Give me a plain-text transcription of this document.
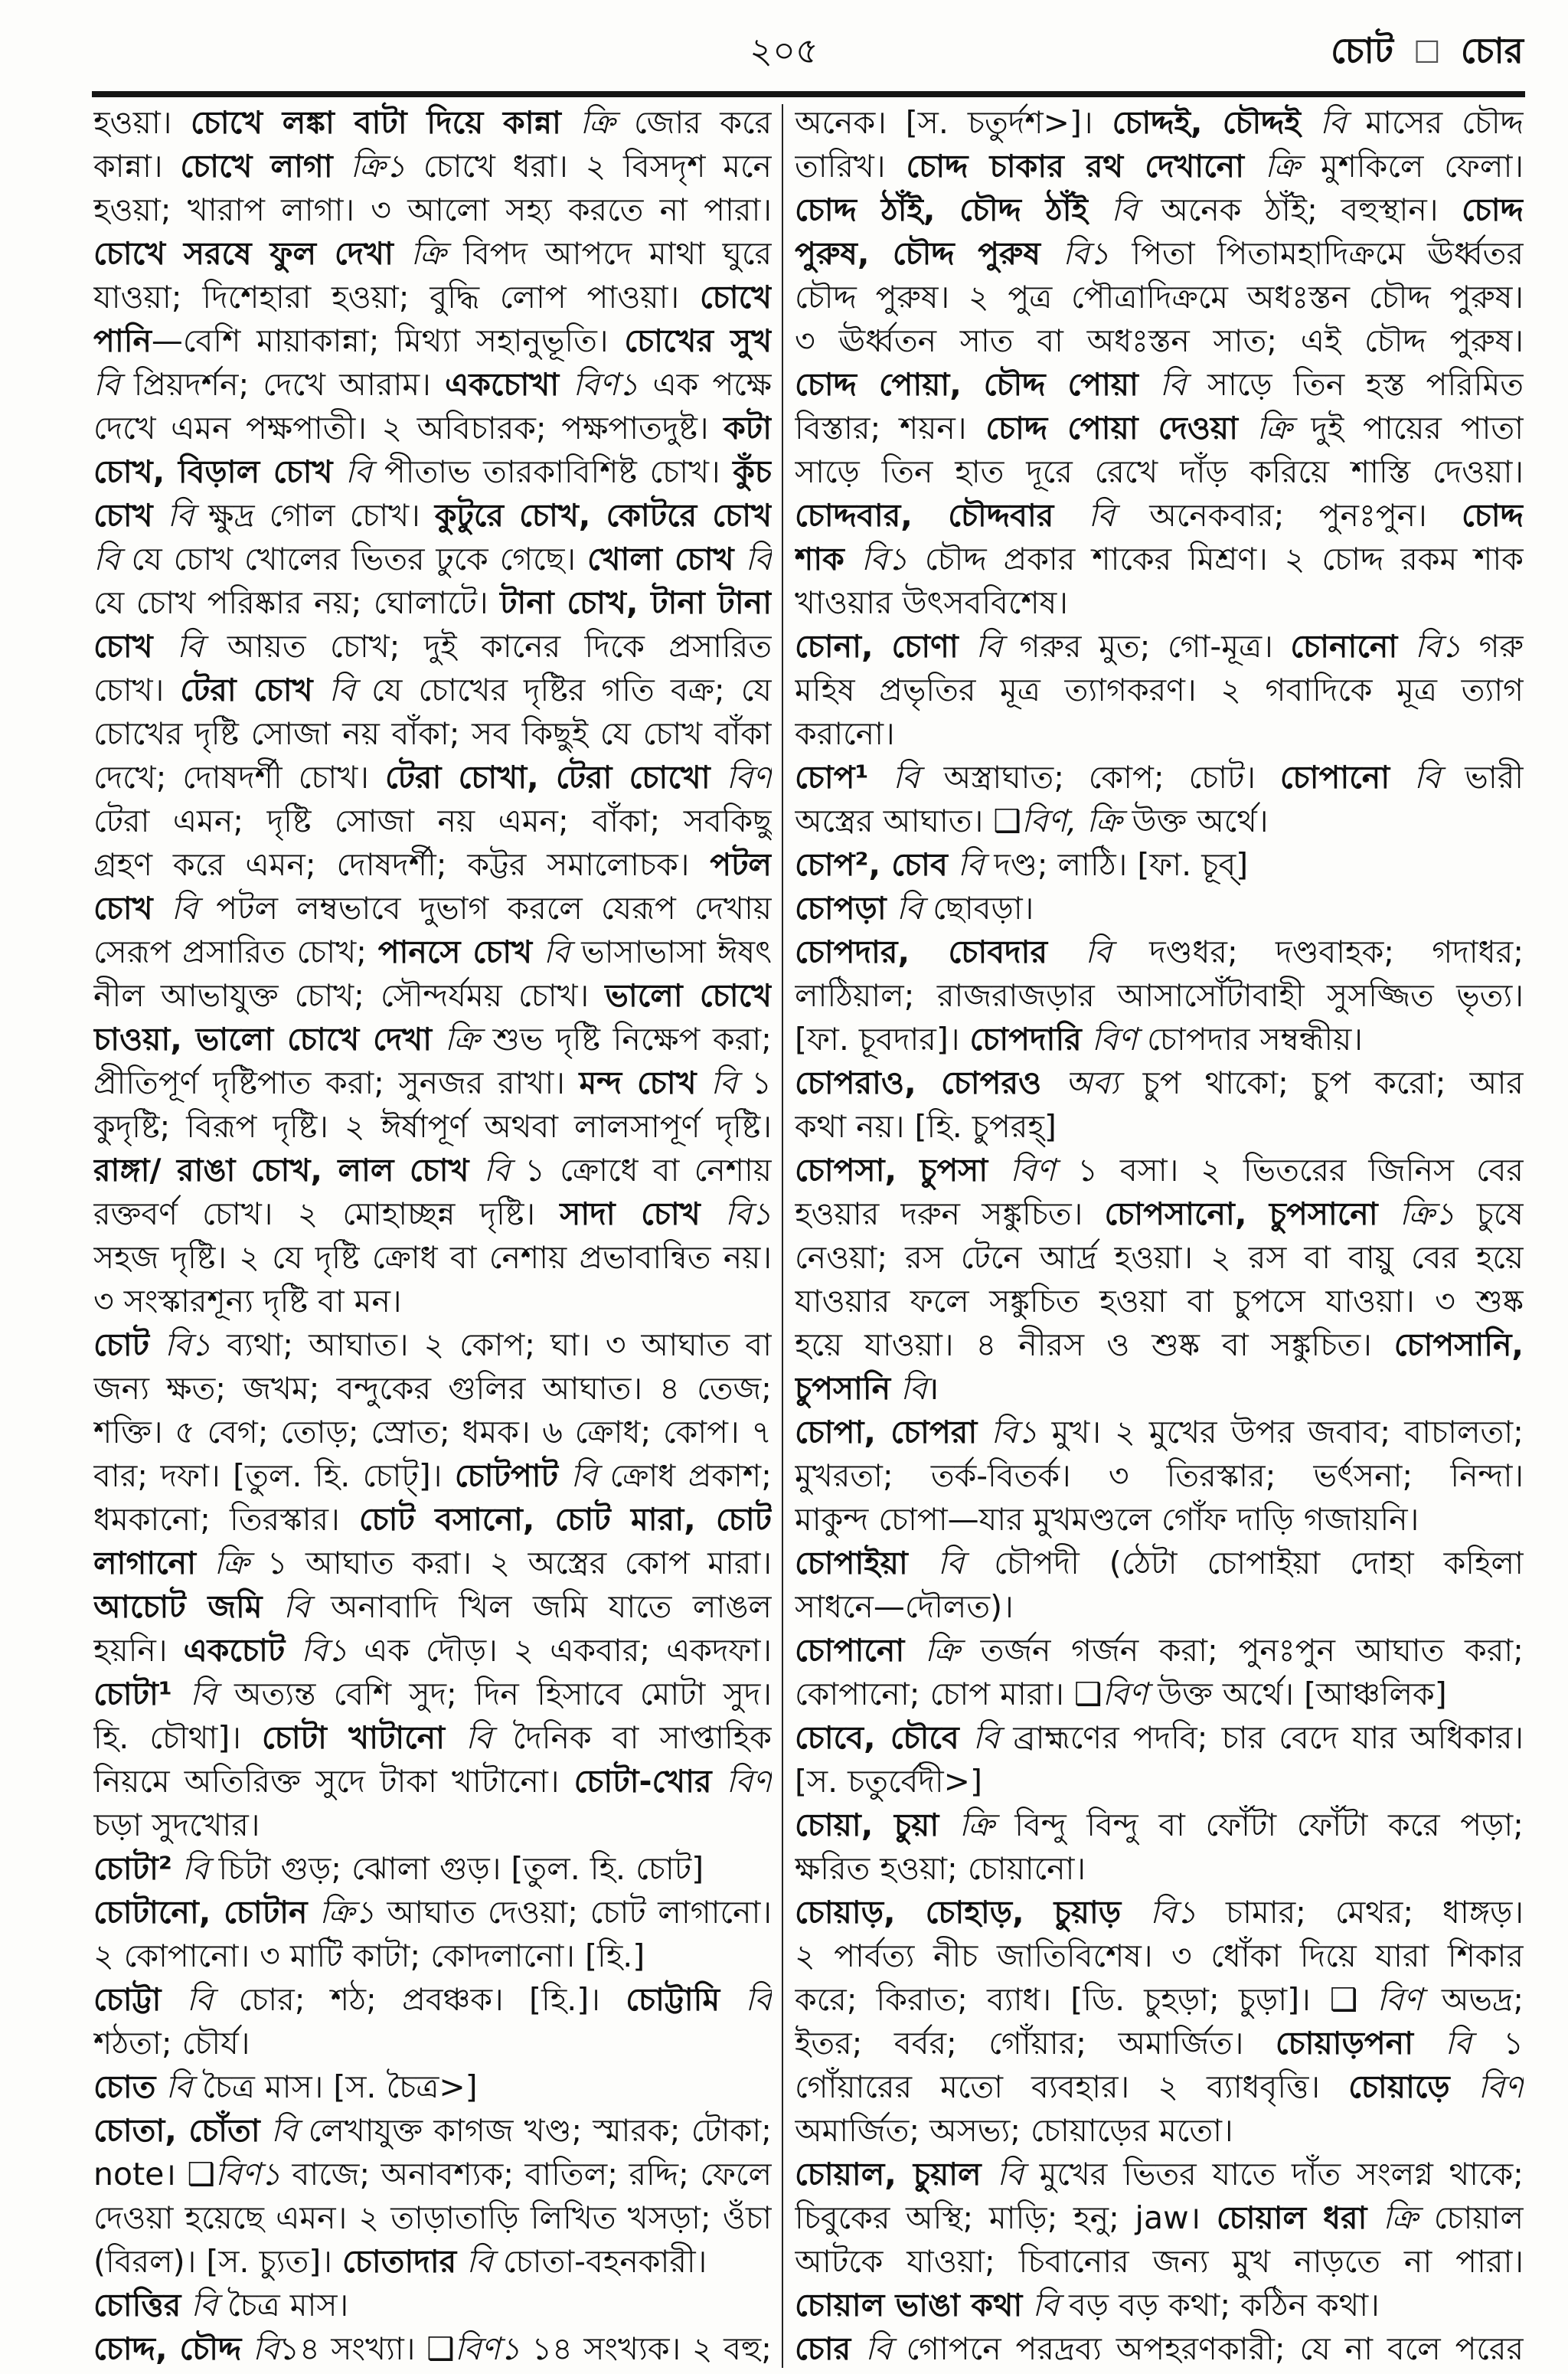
২০৫	চোট ☐ চোর
হওয়া। চোখে লঙ্কা বাটা দিয়ে কান্না ক্রি জোর করে
কান্না। চোখে লাগা ক্রি১ চোখে ধরা। ২ বিসদৃশ মনে
হওয়া; খারাপ লাগা। ৩ আলো সহ্য করতে না পারা।
চোখে সরষে ফুল দেখা ক্রি বিপদ আপদে মাথা ঘুরে
যাওয়া; দিশেহারা হওয়া; বুদ্ধি লোপ পাওয়া। চোখে
পানি—বেশি মায়াকান্না; মিথ্যা সহানুভূতি। চোখের সুখ
বি প্রিয়দর্শন; দেখে আরাম। একচোখা বিণ১ এক পক্ষে
দেখে এমন পক্ষপাতী। ২ অবিচারক; পক্ষপাতদুষ্ট। কটা
চোখ, বিড়াল চোখ বি পীতাভ তারকাবিশিষ্ট চোখ। কুঁচ
চোখ বি ক্ষুদ্র গোল চোখ। কুটুরে চোখ, কোটরে চোখ
বি যে চোখ খোলের ভিতর ঢুকে গেছে। খোলা চোখ বি
যে চোখ পরিষ্কার নয়; ঘোলাটে। টানা চোখ, টানা টানা
চোখ বি আয়ত চোখ; দুই কানের দিকে প্রসারিত
চোখ। টেরা চোখ বি যে চোখের দৃষ্টির গতি বক্র; যে
চোখের দৃষ্টি সোজা নয় বাঁকা; সব কিছুই যে চোখ বাঁকা
দেখে; দোষদর্শী চোখ। টেরা চোখা, টেরা চোখো বিণ
টেরা এমন; দৃষ্টি সোজা নয় এমন; বাঁকা; সবকিছু
গ্রহণ করে এমন; দোষদর্শী; কট্টর সমালোচক। পটল
চোখ বি পটল লম্বভাবে দুভাগ করলে যেরূপ দেখায়
সেরূপ প্রসারিত চোখ; পানসে চোখ বি ভাসাভাসা ঈষৎ
নীল আভাযুক্ত চোখ; সৌন্দর্যময় চোখ। ভালো চোখে
চাওয়া, ভালো চোখে দেখা ক্রি শুভ দৃষ্টি নিক্ষেপ করা;
প্রীতিপূর্ণ দৃষ্টিপাত করা; সুনজর রাখা। মন্দ চোখ বি ১
কুদৃষ্টি; বিরূপ দৃষ্টি। ২ ঈর্ষাপূর্ণ অথবা লালসাপূর্ণ দৃষ্টি।
রাঙ্গা/ রাঙা চোখ, লাল চোখ বি ১ ক্রোধে বা নেশায়
রক্তবর্ণ চোখ। ২ মোহাচ্ছন্ন দৃষ্টি। সাদা চোখ বি১
সহজ দৃষ্টি। ২ যে দৃষ্টি ক্রোধ বা নেশায় প্রভাবান্বিত নয়।
৩ সংস্কারশূন্য দৃষ্টি বা মন।
চোট বি১ ব্যথা; আঘাত। ২ কোপ; ঘা। ৩ আঘাত বা
জন্য ক্ষত; জখম; বন্দুকের গুলির আঘাত। ৪ তেজ;
শক্তি। ৫ বেগ; তোড়; স্রোত; ধমক। ৬ ক্রোধ; কোপ। ৭
বার; দফা। [তুল. হি. চোট্]। চোটপাট বি ক্রোধ প্রকাশ;
ধমকানো; তিরস্কার। চোট বসানো, চোট মারা, চোট
লাগানো ক্রি ১ আঘাত করা। ২ অস্ত্রের কোপ মারা।
আচোট জমি বি অনাবাদি খিল জমি যাতে লাঙল
হয়নি। একচোট বি১ এক দৌড়। ২ একবার; একদফা।
চোটা¹ বি অত্যন্ত বেশি সুদ; দিন হিসাবে মোটা সুদ।
হি. চৌথা]। চোটা খাটানো বি দৈনিক বা সাপ্তাহিক
নিয়মে অতিরিক্ত সুদে টাকা খাটানো। চোটা-খোর বিণ
চড়া সুদখোর।
চোটা² বি চিটা গুড়; ঝোলা গুড়। [তুল. হি. চোট]
চোটানো, চোটান ক্রি১ আঘাত দেওয়া; চোট লাগানো।
২ কোপানো। ৩ মাটি কাটা; কোদলানো। [হি.]
চোট্টা বি চোর; শঠ; প্রবঞ্চক। [হি.]। চোট্টামি বি
শঠতা; চৌর্য।
চোত বি চৈত্র মাস। [স. চৈত্র>]
চোতা, চোঁতা বি লেখাযুক্ত কাগজ খণ্ড; স্মারক; টোকা;
note। ❑বিণ১ বাজে; অনাবশ্যক; বাতিল; রদ্দি; ফেলে
দেওয়া হয়েছে এমন। ২ তাড়াতাড়ি লিখিত খসড়া; ওঁচা
(বিরল)। [স. চ্যুত]। চোতাদার বি চোতা-বহনকারী।
চোত্তির বি চৈত্র মাস।
চোদ্দ, চৌদ্দ বি১৪ সংখ্যা। ❑বিণ১ ১৪ সংখ্যক। ২ বহু;
অনেক। [স. চতুর্দশ>]। চোদ্দই, চৌদ্দই বি মাসের চৌদ্দ
তারিখ। চোদ্দ চাকার রথ দেখানো ক্রি মুশকিলে ফেলা।
চোদ্দ ঠাঁই, চৌদ্দ ঠাঁই বি অনেক ঠাঁই; বহুস্থান। চোদ্দ
পুরুষ, চৌদ্দ পুরুষ বি১ পিতা পিতামহাদিক্রমে ঊর্ধ্বতর
চৌদ্দ পুরুষ। ২ পুত্র পৌত্রাদিক্রমে অধঃস্তন চৌদ্দ পুরুষ।
৩ ঊর্ধ্বতন সাত বা অধঃস্তন সাত; এই চৌদ্দ পুরুষ।
চোদ্দ পোয়া, চৌদ্দ পোয়া বি সাড়ে তিন হস্ত পরিমিত
বিস্তার; শয়ন। চোদ্দ পোয়া দেওয়া ক্রি দুই পায়ের পাতা
সাড়ে তিন হাত দূরে রেখে দাঁড় করিয়ে শাস্তি দেওয়া।
চোদ্দবার, চৌদ্দবার বি অনেকবার; পুনঃপুন। চোদ্দ
শাক বি১ চৌদ্দ প্রকার শাকের মিশ্রণ। ২ চোদ্দ রকম শাক
খাওয়ার উৎসববিশেষ।
চোনা, চোণা বি গরুর মুত; গো-মূত্র। চোনানো বি১ গরু
মহিষ প্রভৃতির মূত্র ত্যাগকরণ। ২ গবাদিকে মূত্র ত্যাগ
করানো।
চোপ¹ বি অস্ত্রাঘাত; কোপ; চোট। চোপানো বি ভারী
অস্ত্রের আঘাত। ❑বিণ, ক্রি উক্ত অর্থে।
চোপ², চোব বি দণ্ড; লাঠি। [ফা. চূব্]
চোপড়া বি ছোবড়া।
চোপদার, চোবদার বি দণ্ডধর; দণ্ডবাহক; গদাধর;
লাঠিয়াল; রাজরাজড়ার আসাসোঁটাবাহী সুসজ্জিত ভৃত্য।
[ফা. চূবদার]। চোপদারি বিণ চোপদার সম্বন্ধীয়।
চোপরাও, চোপরও অব্য চুপ থাকো; চুপ করো; আর
কথা নয়। [হি. চুপরহ্]
চোপসা, চুপসা বিণ ১ বসা। ২ ভিতরের জিনিস বের
হওয়ার দরুন সঙ্কুচিত। চোপসানো, চুপসানো ক্রি১ চুষে
নেওয়া; রস টেনে আর্দ্র হওয়া। ২ রস বা বায়ু বের হয়ে
যাওয়ার ফলে সঙ্কুচিত হওয়া বা চুপসে যাওয়া। ৩ শুষ্ক
হয়ে যাওয়া। ৪ নীরস ও শুষ্ক বা সঙ্কুচিত। চোপসানি,
চুপসানি বি।
চোপা, চোপরা বি১ মুখ। ২ মুখের উপর জবাব; বাচালতা;
মুখরতা; তর্ক-বিতর্ক। ৩ তিরস্কার; ভর্ৎসনা; নিন্দা।
মাকুন্দ চোপা—যার মুখমণ্ডলে গোঁফ দাড়ি গজায়নি।
চোপাইয়া বি চৌপদী (ঠেটা চোপাইয়া দোহা কহিলা
সাধনে—দৌলত)।
চোপানো ক্রি তর্জন গর্জন করা; পুনঃপুন আঘাত করা;
কোপানো; চোপ মারা। ❑বিণ উক্ত অর্থে। [আঞ্চলিক]
চোবে, চৌবে বি ব্রাহ্মণের পদবি; চার বেদে যার অধিকার।
[স. চতুর্বেদী>]
চোয়া, চুয়া ক্রি বিন্দু বিন্দু বা ফোঁটা ফোঁটা করে পড়া;
ক্ষরিত হওয়া; চোয়ানো।
চোয়াড়, চোহাড়, চুয়াড় বি১ চামার; মেথর; ধাঙ্গড়।
২ পার্বত্য নীচ জাতিবিশেষ। ৩ ধোঁকা দিয়ে যারা শিকার
করে; কিরাত; ব্যাধ। [ডি. চুহড়া; চুড়া]। ❑ বিণ অভদ্র;
ইতর; বর্বর; গোঁয়ার; অমার্জিত। চোয়াড়পনা বি ১
গোঁয়ারের মতো ব্যবহার। ২ ব্যাধবৃত্তি। চোয়াড়ে বিণ
অমার্জিত; অসভ্য; চোয়াড়ের মতো।
চোয়াল, চুয়াল বি মুখের ভিতর যাতে দাঁত সংলগ্ন থাকে;
চিবুকের অস্থি; মাড়ি; হনু; jaw। চোয়াল ধরা ক্রি চোয়াল
আটকে যাওয়া; চিবানোর জন্য মুখ নাড়তে না পারা।
চোয়াল ভাঙা কথা বি বড় বড় কথা; কঠিন কথা।
চোর বি গোপনে পরদ্রব্য অপহরণকারী; যে না বলে পরের
